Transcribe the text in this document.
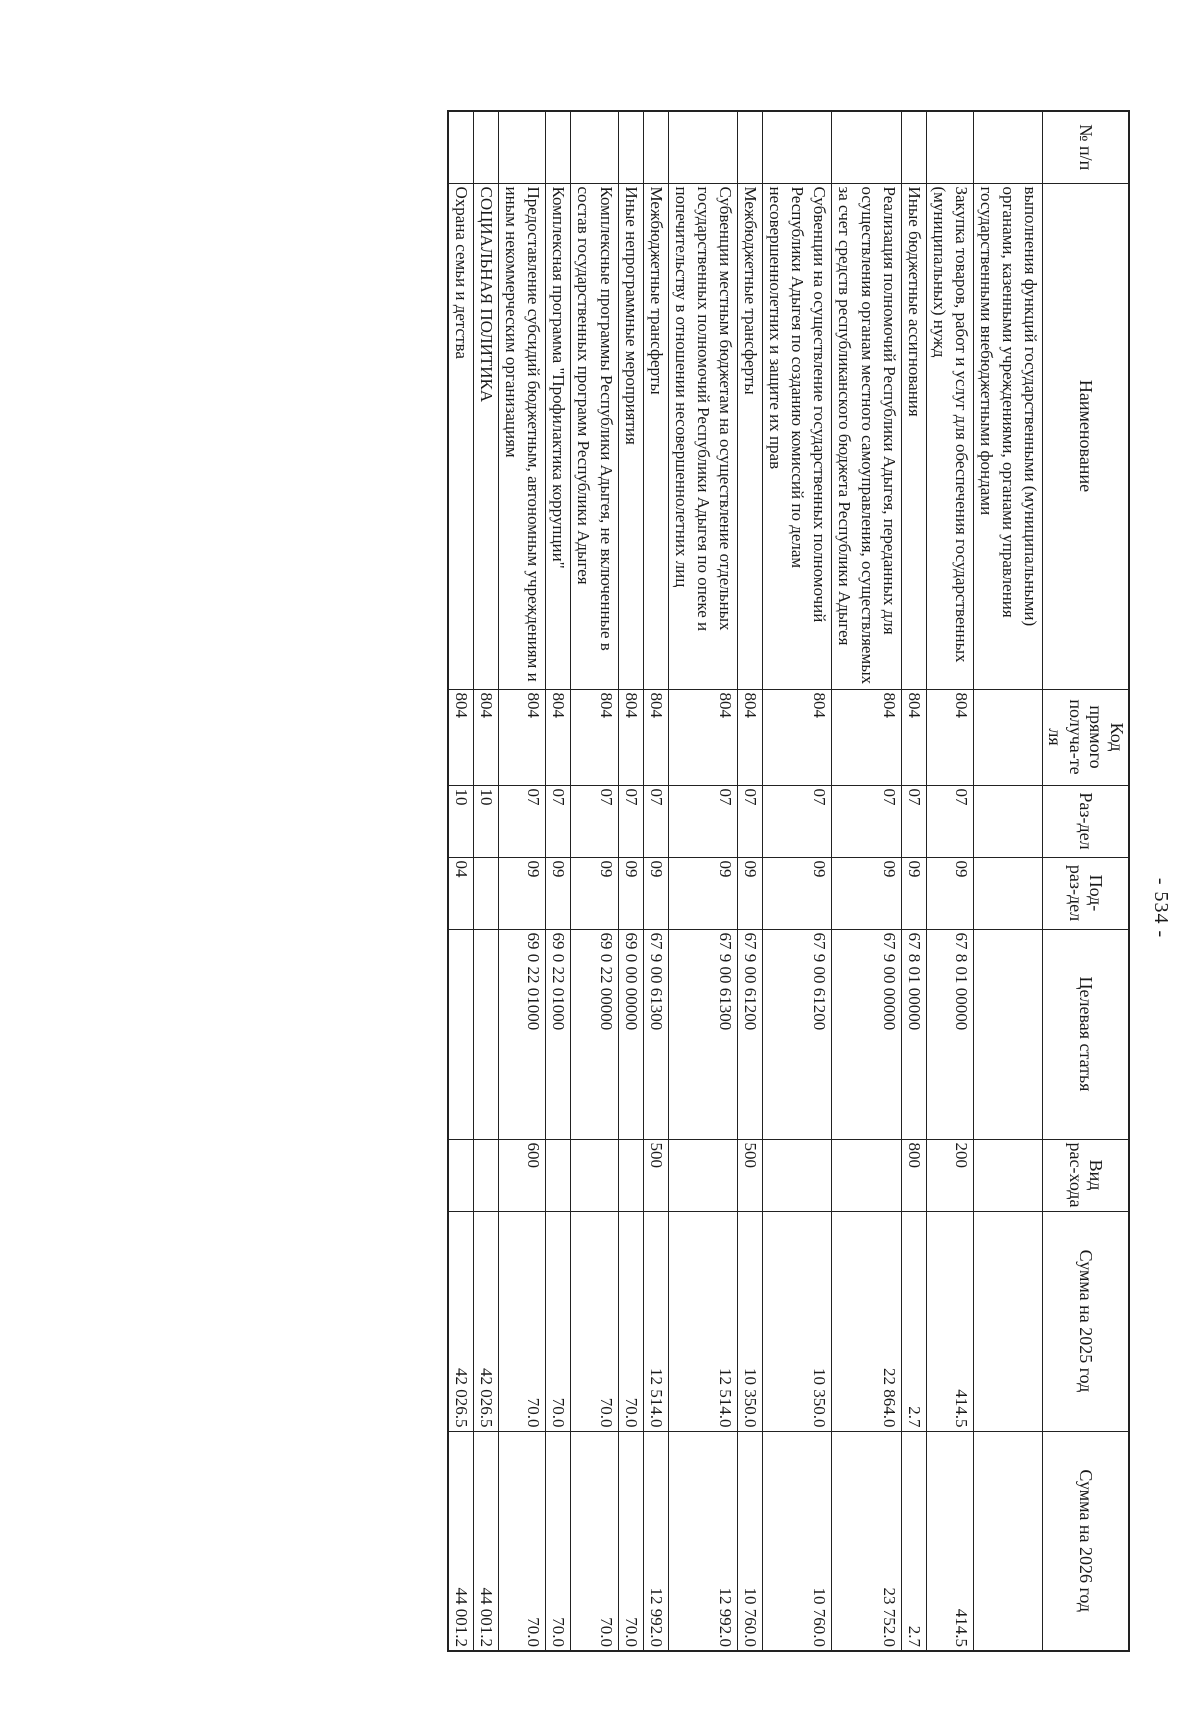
- 534 -
№ п/п	Наименование	Код прямого получа-те ля	Раз-дел	Под-раз-дел	Целевая статья	Вид рас-хода	Сумма на 2025 год	Сумма на 2026 год
	выполнения функций государственными (муниципальными) органами, казенными учреждениями, органами управления государственными внебюджетными фондами							
	Закупка товаров, работ и услуг для обеспечения государственных (муниципальных) нужд	804	07	09	67 8 01 00000	200	414.5	414.5
	Иные бюджетные ассигнования	804	07	09	67 8 01 00000	800	2.7	2.7
	Реализация полномочий Республики Адыгея, переданных для осуществления органам местного самоуправления, осуществляемых за счет средств республиканского бюджета Республики Адыгея	804	07	09	67 9 00 00000		22 864.0	23 752.0
	Субвенции на осуществление государственных полномочий Республики Адыгея по созданию комиссий по делам несовершеннолетних и защите их прав	804	07	09	67 9 00 61200		10 350.0	10 760.0
	Межбюджетные трансферты	804	07	09	67 9 00 61200	500	10 350.0	10 760.0
	Субвенции местным бюджетам на осуществление отдельных государственных полномочий Республики Адыгея по опеке и попечительству в отношении несовершеннолетних лиц	804	07	09	67 9 00 61300		12 514.0	12 992.0
	Межбюджетные трансферты	804	07	09	67 9 00 61300	500	12 514.0	12 992.0
	Иные непрограммные мероприятия	804	07	09	69 0 00 00000		70.0	70.0
	Комплексные программы Республики Адыгея, не включенные в состав государственных программ Республики Адыгея	804	07	09	69 0 22 00000		70.0	70.0
	Комплексная программа "Профилактика коррупции"	804	07	09	69 0 22 01000		70.0	70.0
	Предоставление субсидий бюджетным, автономным учреждениям и иным некоммерческим организациям	804	07	09	69 0 22 01000	600	70.0	70.0
	СОЦИАЛЬНАЯ ПОЛИТИКА	804	10				42 026.5	44 001.2
	Охрана семьи и детства	804	10	04			42 026.5	44 001.2
